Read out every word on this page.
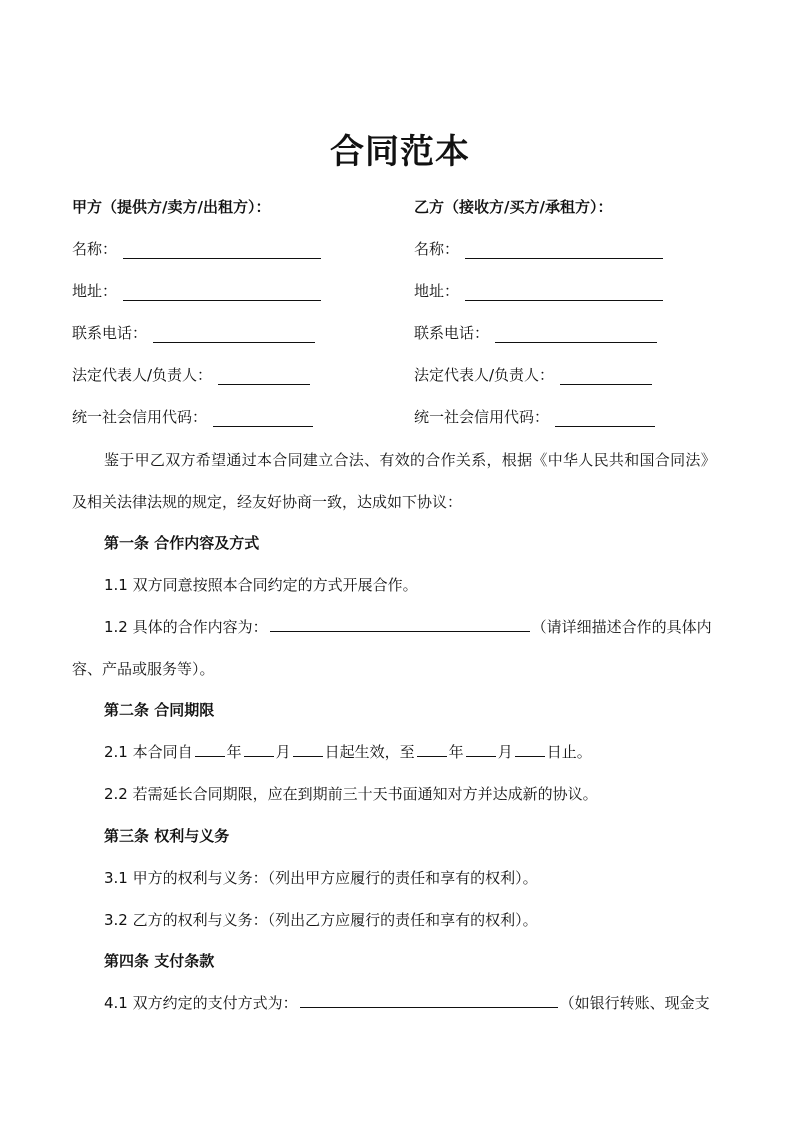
合同范本
甲方（提供方/卖方/出租方）：
名称：
地址：
联系电话：
法定代表人/负责人：
统一社会信用代码：
乙方（接收方/买方/承租方）：
名称：
地址：
联系电话：
法定代表人/负责人：
统一社会信用代码：
鉴于甲乙双方希望通过本合同建立合法、有效的合作关系，根据《中华人民共和国合同法》
及相关法律法规的规定，经友好协商一致，达成如下协议：
第一条 合作内容及方式
1.1 双方同意按照本合同约定的方式开展合作。
1.2 具体的合作内容为：	（请详细描述合作的具体内
容、产品或服务等）。
第二条 合同期限
2.1 本合同自 年 月 日起生效，至 年 月 日止。
2.2 若需延长合同期限，应在到期前三十天书面通知对方并达成新的协议。
第三条 权利与义务
3.1 甲方的权利与义务：（列出甲方应履行的责任和享有的权利）。
3.2 乙方的权利与义务：（列出乙方应履行的责任和享有的权利）。
第四条 支付条款
4.1 双方约定的支付方式为：	（如银行转账、现金支
